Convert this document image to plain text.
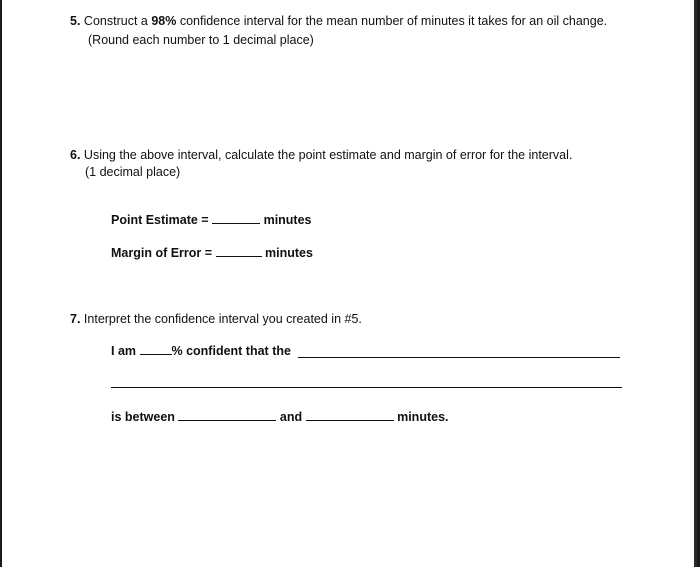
5. Construct a 98% confidence interval for the mean number of minutes it takes for an oil change.
(Round each number to 1 decimal place)
6. Using the above interval, calculate the point estimate and margin of error for the interval.
(1 decimal place)
Point Estimate =	minutes
Margin of Error =	minutes
7. Interpret the confidence interval you created in #5.
I am	% confident that the
is between	and	minutes.
